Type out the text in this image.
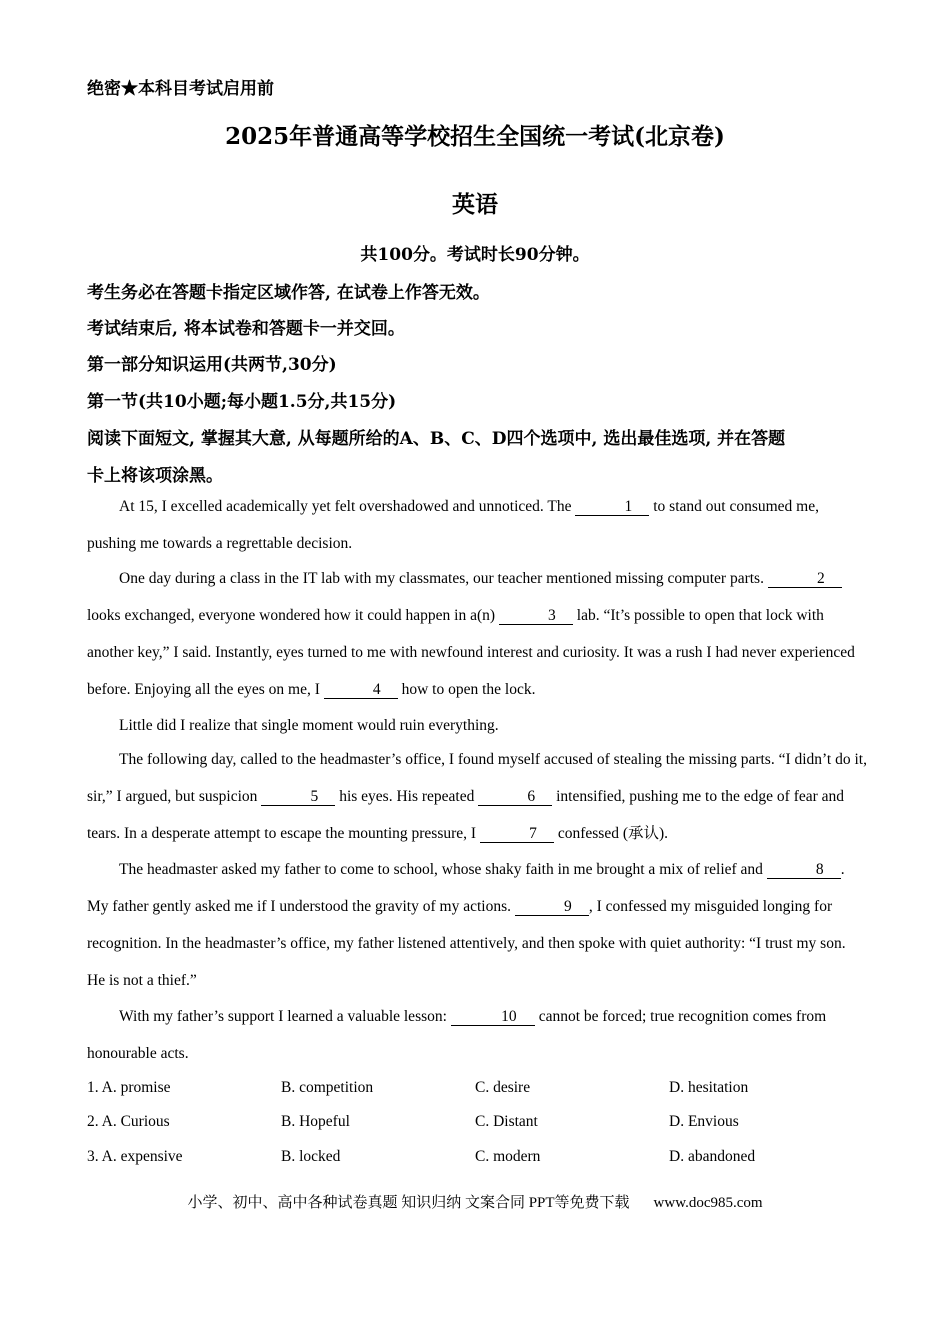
绝密★本科目考试启用前
2025年普通高等学校招生全国统一考试(北京卷)
英语
共100分。考试时长90分钟。
考生务必在答题卡指定区域作答, 在试卷上作答无效。
考试结束后, 将本试卷和答题卡一并交回。
第一部分知识运用(共两节,30分)
第一节(共10小题;每小题1.5分,共15分)
阅读下面短文, 掌握其大意, 从每题所给的A、B、C、D四个选项中, 选出最佳选项, 并在答题
卡上将该项涂黑。

At 15, I excelled academically yet felt overshadowed and unnoticed. The	1 to stand out consumed me, pushing me towards a regrettable decision.

One day during a class in the IT lab with my classmates, our teacher mentioned missing computer parts.	2 looks exchanged, everyone wondered how it could happen in a(n)	3 lab. “It’s possible to open that lock with another key,” I said. Instantly, eyes turned to me with newfound interest and curiosity. It was a rush I had never experienced before. Enjoying all the eyes on me, I	4 how to open the lock.

Little did I realize that single moment would ruin everything.

The following day, called to the headmaster’s office, I found myself accused of stealing the missing parts. “I didn’t do it, sir,” I argued, but suspicion	5 his eyes. His repeated	6 intensified, pushing me to the edge of fear and tears. In a desperate attempt to escape the mounting pressure, I	7 confessed (承认).

The headmaster asked my father to come to school, whose shaky faith in me brought a mix of relief and	8 . My father gently asked me if I understood the gravity of my actions.	9 , I confessed my misguided longing for recognition. In the headmaster’s office, my father listened attentively, and then spoke with quiet authority: “I trust my son. He is not a thief.”

With my father’s support I learned a valuable lesson:	10 cannot be forced; true recognition comes from honourable acts.

1. A. promise	B. competition	C. desire	D. hesitation
2. A. Curious	B. Hopeful	C. Distant	D. Envious
3. A. expensive	B. locked	C. modern	D. abandoned
小学、初中、高中各种试卷真题 知识归纳 文案合同 PPT等免费下载 www.doc985.com
